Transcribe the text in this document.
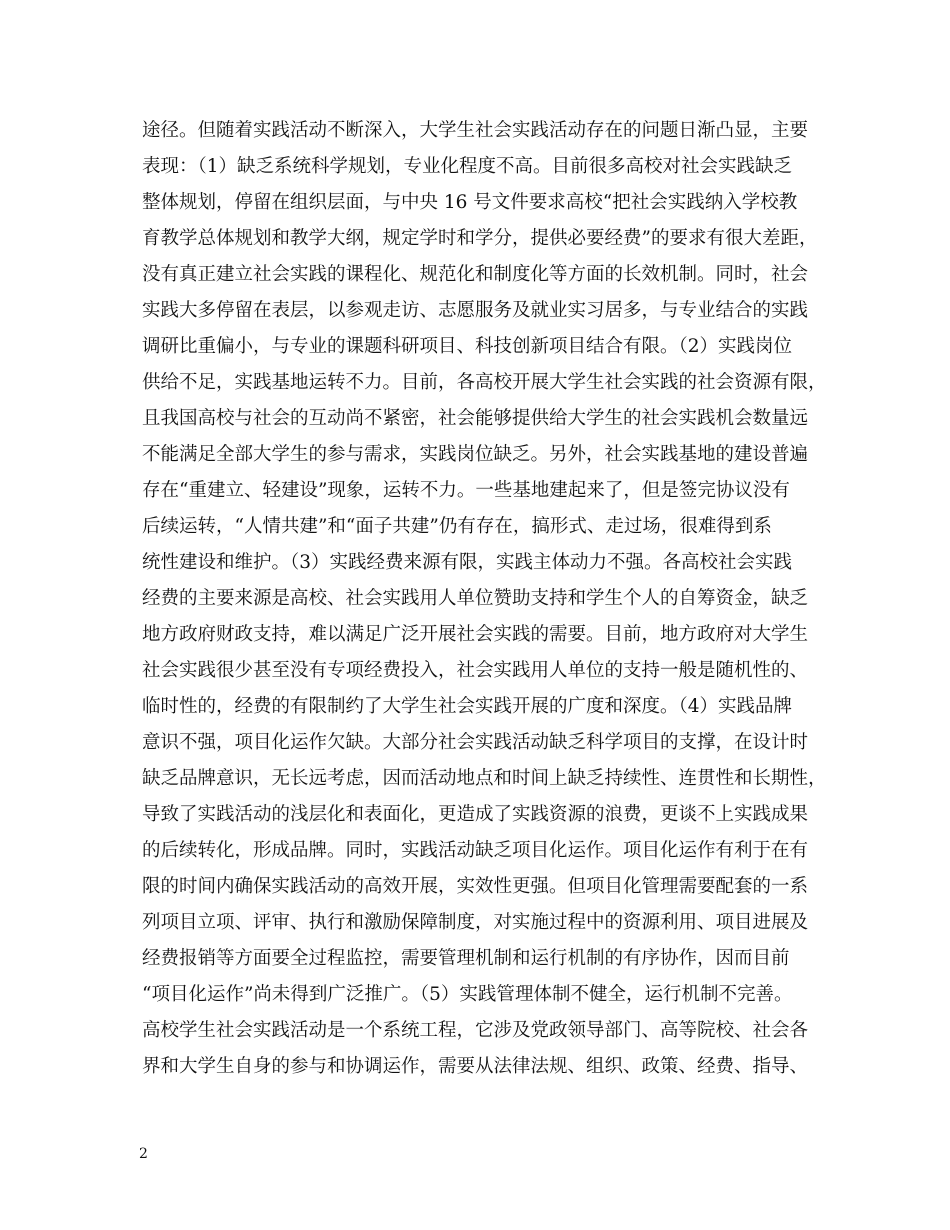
途径。但随着实践活动不断深入，大学生社会实践活动存在的问题日渐凸显，主要
表现：（1）缺乏系统科学规划，专业化程度不高。目前很多高校对社会实践缺乏
整体规划，停留在组织层面，与中央 16 号文件要求高校“把社会实践纳入学校教
育教学总体规划和教学大纲，规定学时和学分，提供必要经费”的要求有很大差距，
没有真正建立社会实践的课程化、规范化和制度化等方面的长效机制。同时，社会
实践大多停留在表层，以参观走访、志愿服务及就业实习居多，与专业结合的实践
调研比重偏小，与专业的课题科研项目、科技创新项目结合有限。（2）实践岗位
供给不足，实践基地运转不力。目前，各高校开展大学生社会实践的社会资源有限，
且我国高校与社会的互动尚不紧密，社会能够提供给大学生的社会实践机会数量远
不能满足全部大学生的参与需求，实践岗位缺乏。另外，社会实践基地的建设普遍
存在“重建立、轻建设”现象，运转不力。一些基地建起来了，但是签完协议没有
后续运转，“人情共建”和“面子共建”仍有存在，搞形式、走过场，很难得到系
统性建设和维护。（3）实践经费来源有限，实践主体动力不强。各高校社会实践
经费的主要来源是高校、社会实践用人单位赞助支持和学生个人的自筹资金，缺乏
地方政府财政支持，难以满足广泛开展社会实践的需要。目前，地方政府对大学生
社会实践很少甚至没有专项经费投入，社会实践用人单位的支持一般是随机性的、
临时性的，经费的有限制约了大学生社会实践开展的广度和深度。（4）实践品牌
意识不强，项目化运作欠缺。大部分社会实践活动缺乏科学项目的支撑，在设计时
缺乏品牌意识，无长远考虑，因而活动地点和时间上缺乏持续性、连贯性和长期性，
导致了实践活动的浅层化和表面化，更造成了实践资源的浪费，更谈不上实践成果
的后续转化，形成品牌。同时，实践活动缺乏项目化运作。项目化运作有利于在有
限的时间内确保实践活动的高效开展，实效性更强。但项目化管理需要配套的一系
列项目立项、评审、执行和激励保障制度，对实施过程中的资源利用、项目进展及
经费报销等方面要全过程监控，需要管理机制和运行机制的有序协作，因而目前
“项目化运作”尚未得到广泛推广。（5）实践管理体制不健全，运行机制不完善。
高校学生社会实践活动是一个系统工程，它涉及党政领导部门、高等院校、社会各
界和大学生自身的参与和协调运作，需要从法律法规、组织、政策、经费、指导、
2
